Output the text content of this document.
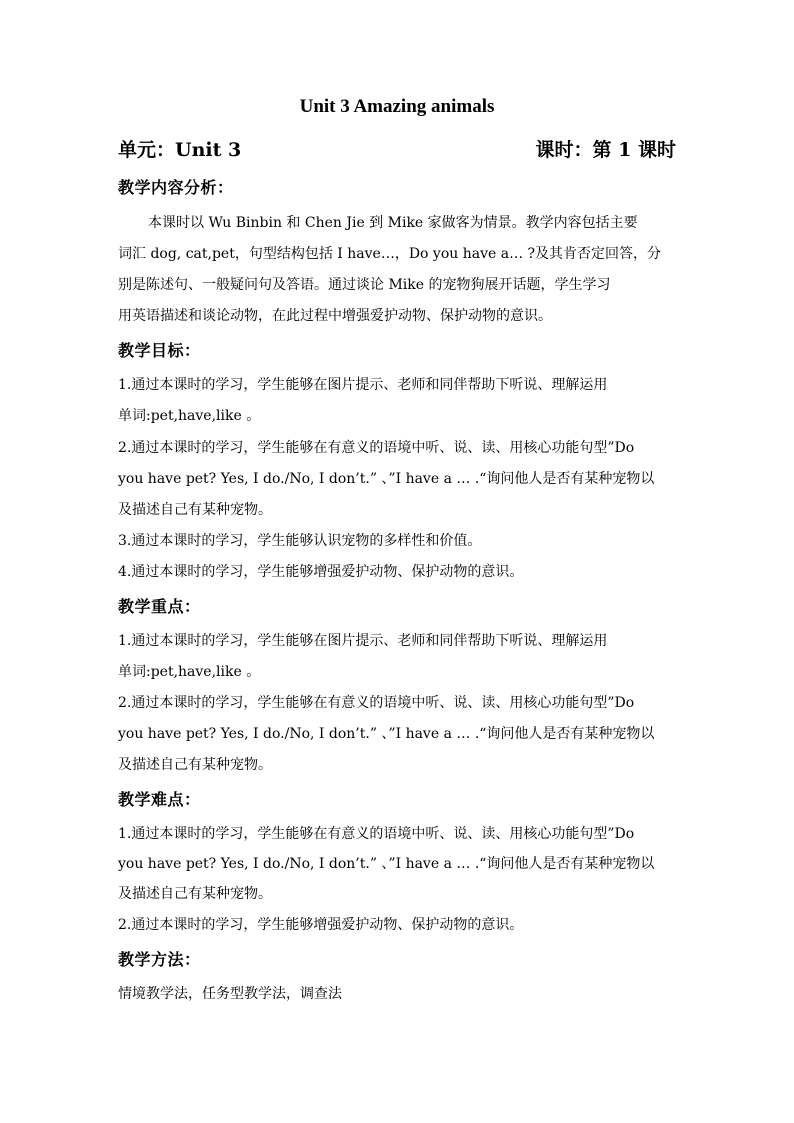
Unit 3 Amazing animals
单元：Unit 3	课时：第 1 课时
教学内容分析：
本课时以 Wu Binbin 和 Chen Jie 到 Mike 家做客为情景。教学内容包括主要
词汇 dog, cat,pet，句型结构包括 I have…，Do you have a… ?及其肯否定回答，分
别是陈述句、一般疑问句及答语。通过谈论 Mike 的宠物狗展开话题，学生学习
用英语描述和谈论动物，在此过程中增强爱护动物、保护动物的意识。
教学目标：
1.通过本课时的学习，学生能够在图片提示、老师和同伴帮助下听说、理解运用
单词:pet,have,like 。
2.通过本课时的学习，学生能够在有意义的语境中听、说、读、用核心功能句型”Do
you have pet? Yes, I do./No, I don’t.” 、”I have a … .“询问他人是否有某种宠物以
及描述自己有某种宠物。
3.通过本课时的学习，学生能够认识宠物的多样性和价值。
4.通过本课时的学习，学生能够增强爱护动物、保护动物的意识。
教学重点：
1.通过本课时的学习，学生能够在图片提示、老师和同伴帮助下听说、理解运用
单词:pet,have,like 。
2.通过本课时的学习，学生能够在有意义的语境中听、说、读、用核心功能句型”Do
you have pet? Yes, I do./No, I don’t.” 、”I have a … .“询问他人是否有某种宠物以
及描述自己有某种宠物。
教学难点：
1.通过本课时的学习，学生能够在有意义的语境中听、说、读、用核心功能句型”Do
you have pet? Yes, I do./No, I don’t.” 、”I have a … .“询问他人是否有某种宠物以
及描述自己有某种宠物。
2.通过本课时的学习，学生能够增强爱护动物、保护动物的意识。
教学方法：
情境教学法，任务型教学法，调查法
